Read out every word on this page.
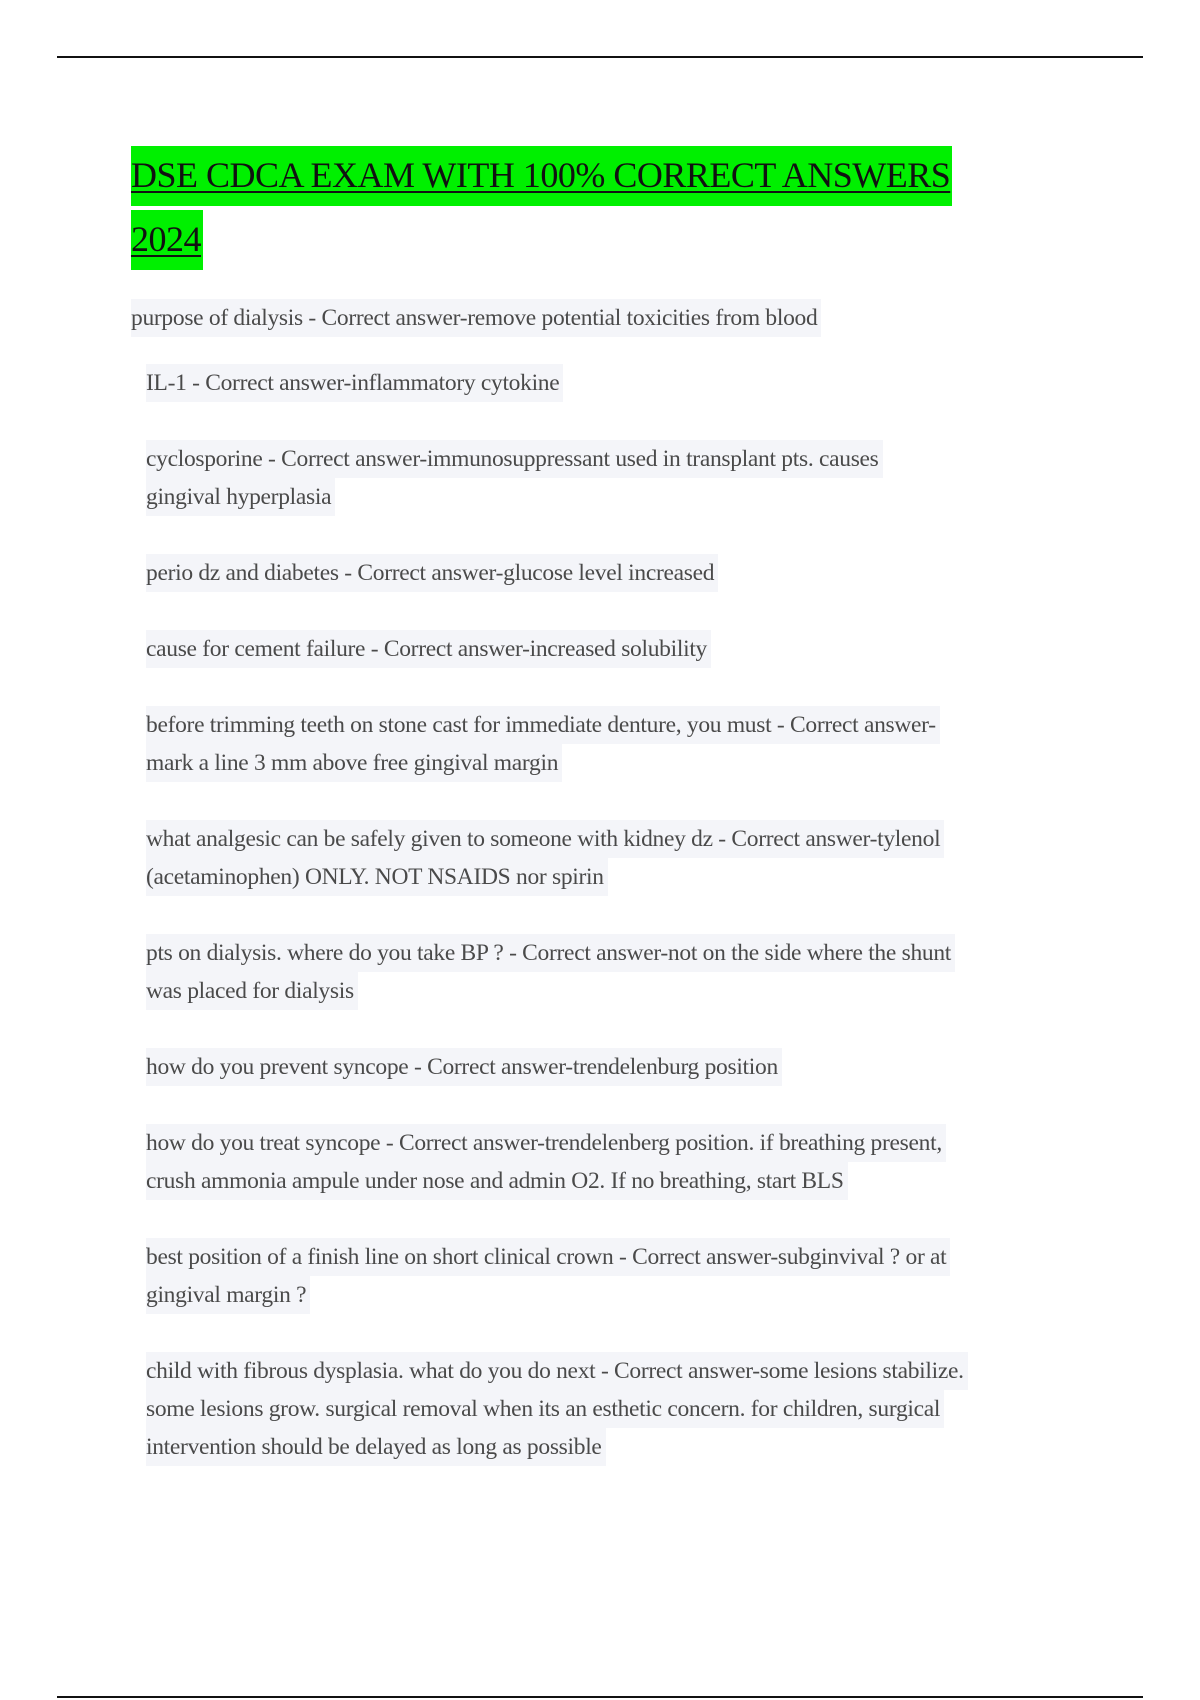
DSE CDCA EXAM WITH 100% CORRECT ANSWERS
2024
purpose of dialysis - Correct answer-remove potential toxicities from blood
IL-1 - Correct answer-inflammatory cytokine
cyclosporine - Correct answer-immunosuppressant used in transplant pts. causes
gingival hyperplasia
perio dz and diabetes - Correct answer-glucose level increased
cause for cement failure - Correct answer-increased solubility
before trimming teeth on stone cast for immediate denture, you must - Correct answer-
mark a line 3 mm above free gingival margin
what analgesic can be safely given to someone with kidney dz - Correct answer-tylenol
(acetaminophen) ONLY. NOT NSAIDS nor spirin
pts on dialysis. where do you take BP ? - Correct answer-not on the side where the shunt
was placed for dialysis
how do you prevent syncope - Correct answer-trendelenburg position
how do you treat syncope - Correct answer-trendelenberg position. if breathing present,
crush ammonia ampule under nose and admin O2. If no breathing, start BLS
best position of a finish line on short clinical crown - Correct answer-subginvival ? or at
gingival margin ?
child with fibrous dysplasia. what do you do next - Correct answer-some lesions stabilize.
some lesions grow. surgical removal when its an esthetic concern. for children, surgical
intervention should be delayed as long as possible
